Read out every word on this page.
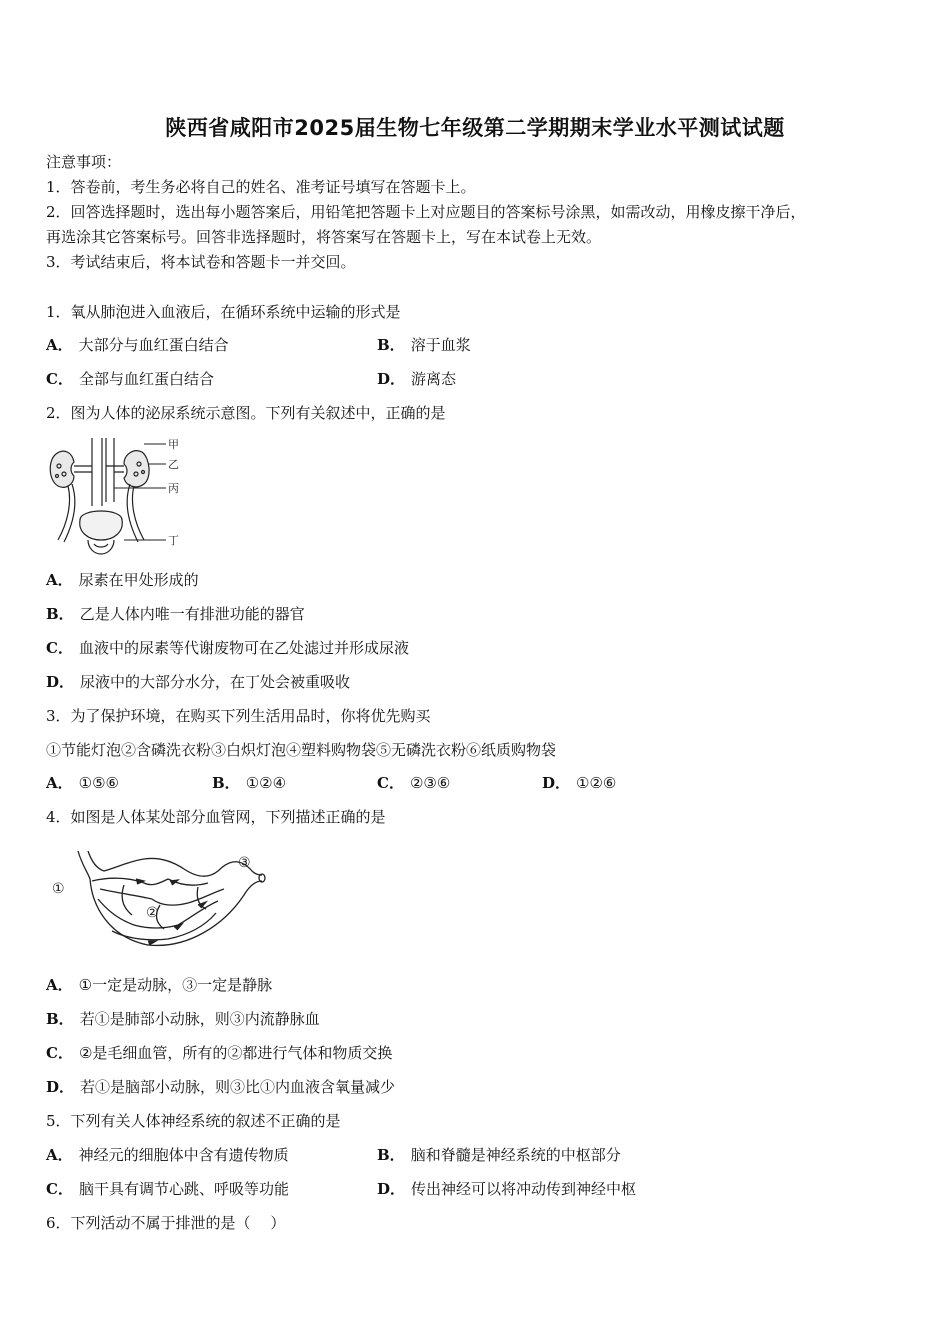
陕西省咸阳市2025届生物七年级第二学期期末学业水平测试试题
注意事项：
1．答卷前，考生务必将自己的姓名、准考证号填写在答题卡上。
2．回答选择题时，选出每小题答案后，用铅笔把答题卡上对应题目的答案标号涂黑，如需改动，用橡皮擦干净后，
再选涂其它答案标号。回答非选择题时，将答案写在答题卡上，写在本试卷上无效。
3．考试结束后，将本试卷和答题卡一并交回。
1．氧从肺泡进入血液后，在循环系统中运输的形式是
A． 大部分与血红蛋白结合	B． 溶于血浆
C． 全部与血红蛋白结合	D． 游离态
2．图为人体的泌尿系统示意图。下列有关叙述中，正确的是
甲
乙
丙
丁
A． 尿素在甲处形成的
B． 乙是人体内唯一有排泄功能的器官
C． 血液中的尿素等代谢废物可在乙处滤过并形成尿液
D． 尿液中的大部分水分，在丁处会被重吸收
3．为了保护环境，在购买下列生活用品时，你将优先购买
①节能灯泡②含磷洗衣粉③白炽灯泡④塑料购物袋⑤无磷洗衣粉⑥纸质购物袋
A． ①⑤⑥	B． ①②④	C． ②③⑥	D． ①②⑥
4．如图是人体某处部分血管网，下列描述正确的是
①
②
③
A． ①一定是动脉，③一定是静脉
B． 若①是肺部小动脉，则③内流静脉血
C． ②是毛细血管，所有的②都进行气体和物质交换
D． 若①是脑部小动脉，则③比①内血液含氧量减少
5．下列有关人体神经系统的叙述不正确的是
A． 神经元的细胞体中含有遗传物质	B． 脑和脊髓是神经系统的中枢部分
C． 脑干具有调节心跳、呼吸等功能	D． 传出神经可以将冲动传到神经中枢
6．下列活动不属于排泄的是（　 ）
